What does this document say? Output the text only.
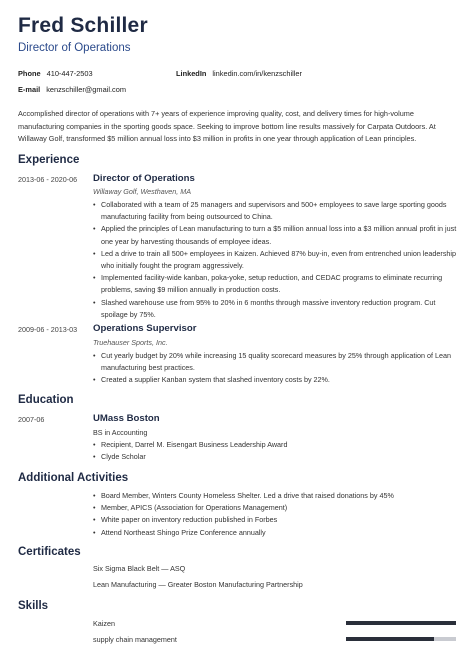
Fred Schiller
Director of Operations
Phone 410-447-2503	LinkedIn linkedin.com/in/kenzschiller
E-mail kenzschiller@gmail.com
Accomplished director of operations with 7+ years of experience improving quality, cost, and delivery times for high-volume manufacturing companies in the sporting goods space. Seeking to improve bottom line results massively for Carpata Outdoors. At Willaway Golf, transformed $5 million annual loss into $3 million in profits in one year through application of Lean principles.
Experience
2013-06 - 2020-06 Director of Operations
Willaway Golf, Westhaven, MA
• Collaborated with a team of 25 managers and supervisors and 500+ employees to save large sporting goods manufacturing facility from being outsourced to China.
• Applied the principles of Lean manufacturing to turn a $5 million annual loss into a $3 million annual profit in just one year by harvesting thousands of employee ideas.
• Led a drive to train all 500+ employees in Kaizen. Achieved 87% buy-in, even from entrenched union leadership who initially fought the program aggressively.
• Implemented facility-wide kanban, poka-yoke, setup reduction, and CEDAC programs to eliminate recurring problems, saving $9 million annually in production costs.
• Slashed warehouse use from 95% to 20% in 6 months through massive inventory reduction program. Cut spoilage by 75%.
2009-06 - 2013-03 Operations Supervisor
Truehauser Sports, Inc.
• Cut yearly budget by 20% while increasing 15 quality scorecard measures by 25% through application of Lean manufacturing best practices.
• Created a supplier Kanban system that slashed inventory costs by 22%.
Education
2007-06	UMass Boston
BS in Accounting
• Recipient, Darrel M. Eisengart Business Leadership Award
• Clyde Scholar
Additional Activities
• Board Member, Winters County Homeless Shelter. Led a drive that raised donations by 45%
• Member, APICS (Association for Operations Management)
• White paper on inventory reduction published in Forbes
• Attend Northeast Shingo Prize Conference annually
Certificates
Six Sigma Black Belt — ASQ
Lean Manufacturing — Greater Boston Manufacturing Partnership
Skills
Kaizen
supply chain management
